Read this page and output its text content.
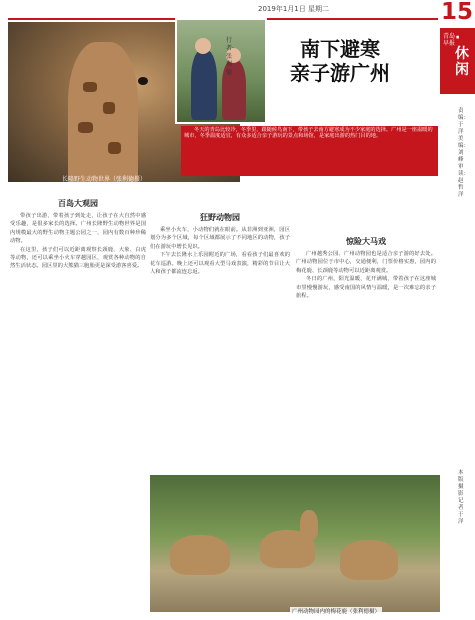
2019年1月1日 星期二	15
青岛早报 ·休闲
责编：于洋 美编：刘峰 审读：赵哲洋
本版摄影 记者 于洋
长隆野生动物世界（张利德摄）
行者·张利德
南下避寒
亲子游广州
冬天的青岛比较冷，冬季里，跟随候鸟南下，带孩子去南方避寒成为不少家庭的选择。广州是一座温暖的城市，冬季温度适宜，有众多适合亲子游玩的景点和场馆，是家庭出游的热门目的地。
百岛大观园

带孩子出游，带着孩子到处走，让孩子在大自然中感受乐趣，是很多家长的选择。广州长隆野生动物世界是国内规模最大的野生动物主题公园之一，园内有数百种珍稀动物。

在这里，孩子们可以近距离观察长颈鹿、大象、白虎等动物，还可以乘坐小火车穿越园区，观赏各种动物的自然生活状态。园区里的大熊猫三胞胎更是深受游客喜爱。

狂野动物园

乘坐小火车，小动物们就在眼前。从非洲到亚洲，园区划分为多个区域，每个区域都展示了不同地区的动物，孩子们在游玩中增长见识。

下午去长隆水上乐园附近的广场，看看孩子们最喜欢的花车巡游。晚上还可以观看大型马戏表演，精彩的节目让大人和孩子都流连忘返。

惊险大马戏

广州越秀公园、广州动物园也是适合亲子游的好去处。广州动物园位于市中心，交通便利，门票价格实惠，园内的梅花鹿、长颈鹿等动物可以近距离观赏。

冬日的广州，阳光温暖，花开满城，带着孩子在这座城市里慢慢游玩，感受南国的风情与温暖，是一次难忘的亲子旅程。

广州动物园内的梅花鹿（张利德摄）
